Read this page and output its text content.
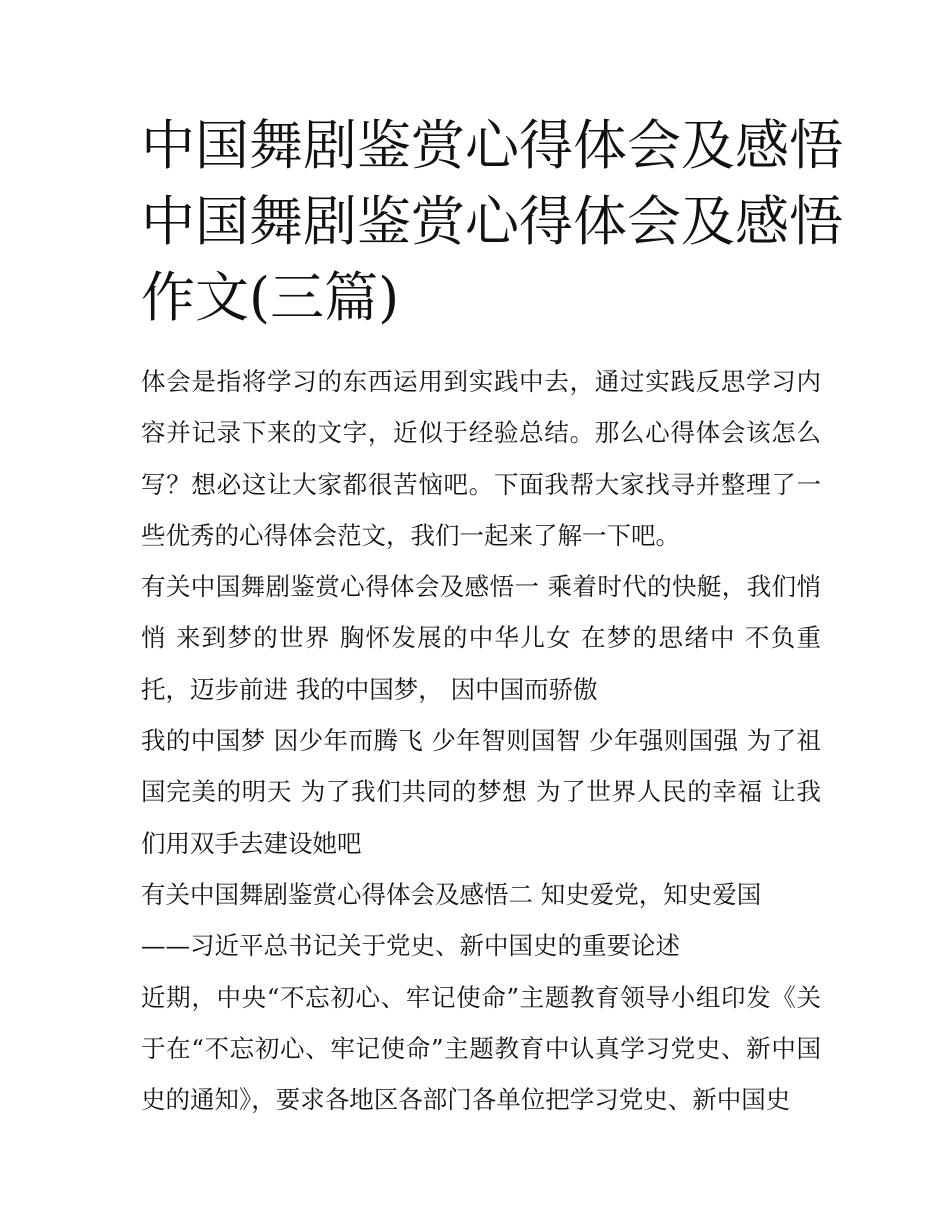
中国舞剧鉴赏心得体会及感悟
中国舞剧鉴赏心得体会及感悟
作文(三篇)

体会是指将学习的东西运用到实践中去，通过实践反思学习内容并记录下来的文字，近似于经验总结。那么心得体会该怎么写？想必这让大家都很苦恼吧。下面我帮大家找寻并整理了一些优秀的心得体会范文，我们一起来了解一下吧。

有关中国舞剧鉴赏心得体会及感悟一 乘着时代的快艇，我们悄悄 来到梦的世界 胸怀发展的中华儿女 在梦的思绪中 不负重托，迈步前进 我的中国梦， 因中国而骄傲

我的中国梦 因少年而腾飞 少年智则国智 少年强则国强 为了祖国完美的明天 为了我们共同的梦想 为了世界人民的幸福 让我们用双手去建设她吧

有关中国舞剧鉴赏心得体会及感悟二 知史爱党，知史爱国

——习近平总书记关于党史、新中国史的重要论述

近期，中央“不忘初心、牢记使命”主题教育领导小组印发《关于在“不忘初心、牢记使命”主题教育中认真学习党史、新中国史的通知》，要求各地区各部门各单位把学习党史、新中国史
